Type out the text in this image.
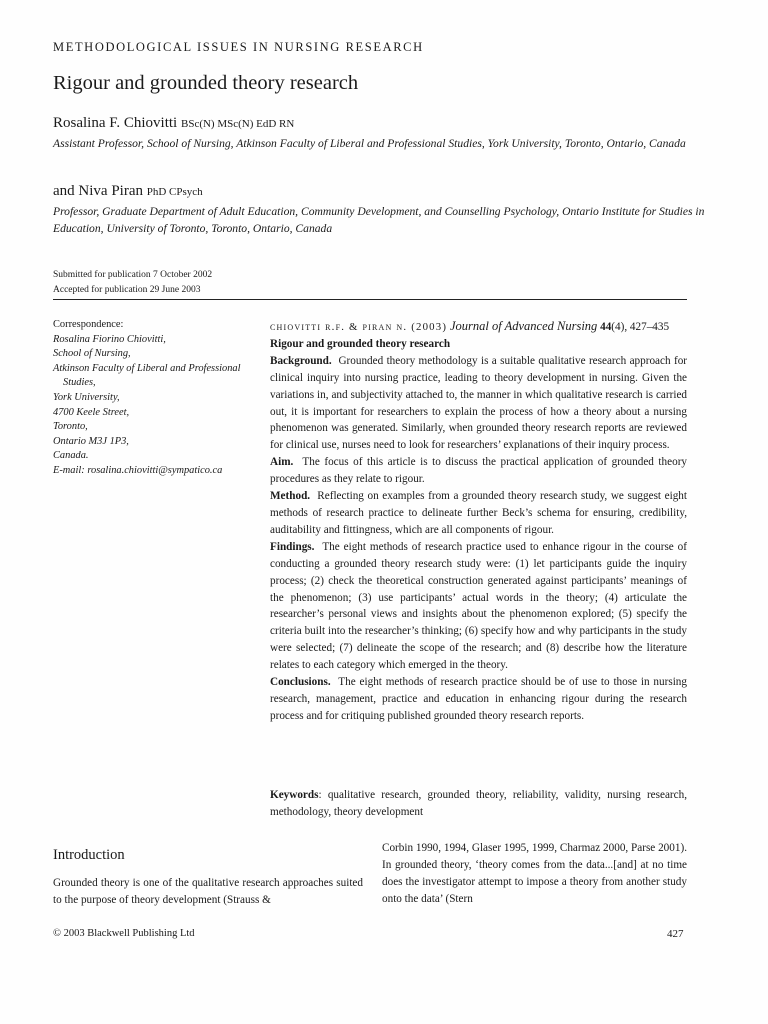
METHODOLOGICAL ISSUES IN NURSING RESEARCH
Rigour and grounded theory research
Rosalina F. Chiovitti BSc(N) MSc(N) EdD RN
Assistant Professor, School of Nursing, Atkinson Faculty of Liberal and Professional Studies, York University, Toronto, Ontario, Canada
and Niva Piran PhD CPsych
Professor, Graduate Department of Adult Education, Community Development, and Counselling Psychology, Ontario Institute for Studies in Education, University of Toronto, Toronto, Ontario, Canada
Submitted for publication 7 October 2002
Accepted for publication 29 June 2003
Correspondence:
Rosalina Fiorino Chiovitti,
School of Nursing,
Atkinson Faculty of Liberal and Professional
Studies,
York University,
4700 Keele Street,
Toronto,
Ontario M3J 1P3,
Canada.
E-mail: rosalina.chiovitti@sympatico.ca

chiovitti r.f. & piran n. (2003) Journal of Advanced Nursing 44(4), 427–435

Rigour and grounded theory research

Background. Grounded theory methodology is a suitable qualitative research approach for clinical inquiry into nursing practice, leading to theory development in nursing. Given the variations in, and subjectivity attached to, the manner in which qualitative research is carried out, it is important for researchers to explain the process of how a theory about a nursing phenomenon was generated. Similarly, when grounded theory research reports are reviewed for clinical use, nurses need to look for researchers’ explanations of their inquiry process.

Aim. The focus of this article is to discuss the practical application of grounded theory procedures as they relate to rigour.

Method. Reflecting on examples from a grounded theory research study, we suggest eight methods of research practice to delineate further Beck’s schema for ensuring, credibility, auditability and fittingness, which are all components of rigour.

Findings. The eight methods of research practice used to enhance rigour in the course of conducting a grounded theory research study were: (1) let participants guide the inquiry process; (2) check the theoretical construction generated against participants’ meanings of the phenomenon; (3) use participants’ actual words in the theory; (4) articulate the researcher’s personal views and insights about the phenomenon explored; (5) specify the criteria built into the researcher’s thinking; (6) specify how and why participants in the study were selected; (7) delineate the scope of the research; and (8) describe how the literature relates to each category which emerged in the theory.

Conclusions. The eight methods of research practice should be of use to those in nursing research, management, practice and education in enhancing rigour during the research process and for critiquing published grounded theory research reports.

Keywords: qualitative research, grounded theory, reliability, validity, nursing research, methodology, theory development
Introduction
Grounded theory is one of the qualitative research approaches suited to the purpose of theory development (Strauss &
Corbin 1990, 1994, Glaser 1995, 1999, Charmaz 2000, Parse 2001). In grounded theory, ‘theory comes from the data...[and] at no time does the investigator attempt to impose a theory from another study onto the data’ (Stern
© 2003 Blackwell Publishing Ltd	427
